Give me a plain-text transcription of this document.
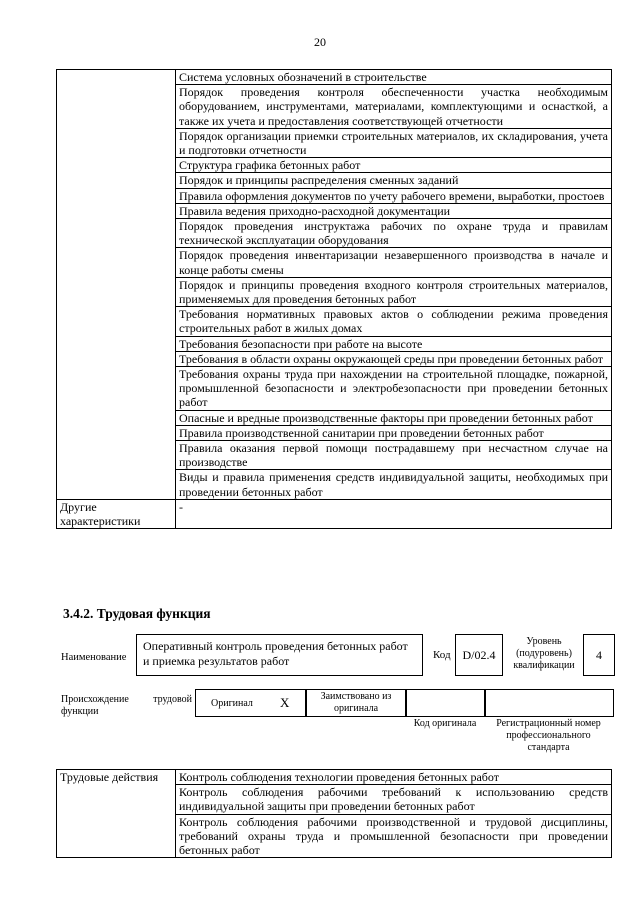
20
	Система условных обозначений в строительстве
	Порядок проведения контроля обеспеченности участка необходимым оборудованием, инструментами, материалами, комплектующими и оснасткой, а также их учета и предоставления соответствующей отчетности
	Порядок организации приемки строительных материалов, их складирования, учета и подготовки отчетности
	Структура графика бетонных работ
	Порядок и принципы распределения сменных заданий
	Правила оформления документов по учету рабочего времени, выработки, простоев
	Правила ведения приходно-расходной документации
	Порядок проведения инструктажа рабочих по охране труда и правилам технической эксплуатации оборудования
	Порядок проведения инвентаризации незавершенного производства в начале и конце работы смены
	Порядок и принципы проведения входного контроля строительных материалов, применяемых для проведения бетонных работ
	Требования нормативных правовых актов о соблюдении режима проведения строительных работ в жилых домах
	Требования безопасности при работе на высоте
	Требования в области охраны окружающей среды при проведении бетонных работ
	Требования охраны труда при нахождении на строительной площадке, пожарной, промышленной безопасности и электробезопасности при проведении бетонных работ
	Опасные и вредные производственные факторы при проведении бетонных работ
	Правила производственной санитарии при проведении бетонных работ
	Правила оказания первой помощи пострадавшему при несчастном случае на производстве
	Виды и правила применения средств индивидуальной защиты, необходимых при проведении бетонных работ
Другие характеристики	-
3.4.2. Трудовая функция
Наименование
Оперативный контроль проведения бетонных работ и приемка результатов работ	Код D/02.4
Уровень (подуровень) квалификации
4
Происхождение трудовой функции
Оригинал X	Заимствовано из оригинала
Код оригинала	Регистрационный номер профессионального стандарта
Трудовые действия	Контроль соблюдения технологии проведения бетонных работ
Контроль соблюдения рабочими требований к использованию средств индивидуальной защиты при проведении бетонных работ
Контроль соблюдения рабочими производственной и трудовой дисциплины, требований охраны труда и промышленной безопасности при проведении бетонных работ
